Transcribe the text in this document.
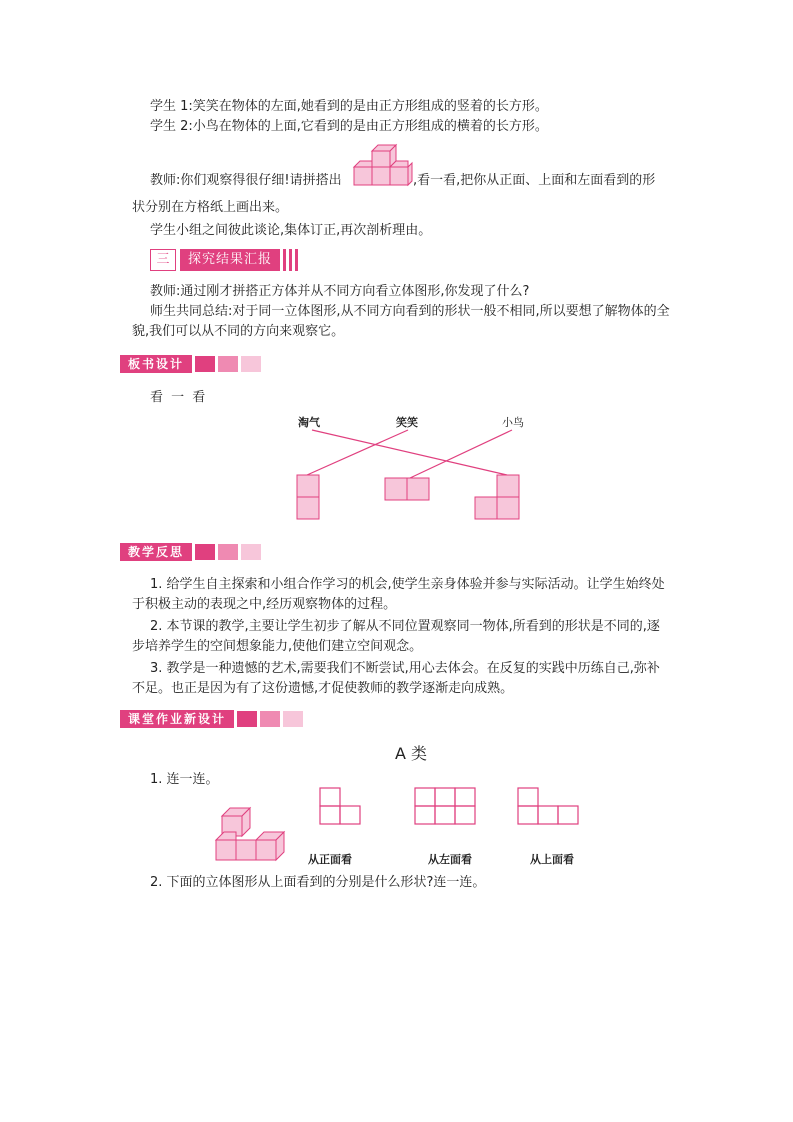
学生 1:笑笑在物体的左面,她看到的是由正方形组成的竖着的长方形。
学生 2:小鸟在物体的上面,它看到的是由正方形组成的横着的长方形。
教师:你们观察得很仔细!请拼搭出	,看一看,把你从正面、上面和左面看到的形
状分别在方格纸上画出来。
学生小组之间彼此谈论,集体订正,再次剖析理由。
三	探究结果汇报
教师:通过刚才拼搭正方体并从不同方向看立体图形,你发现了什么?
师生共同总结:对于同一立体图形,从不同方向看到的形状一般不相同,所以要想了解物体的全貌,我们可以从不同的方向来观察它。
板书设计
看 一 看
淘气	笑笑	小鸟
教学反思
1. 给学生自主探索和小组合作学习的机会,使学生亲身体验并参与实际活动。让学生始终处于积极主动的表现之中,经历观察物体的过程。
2. 本节课的教学,主要让学生初步了解从不同位置观察同一物体,所看到的形状是不同的,逐步培养学生的空间想象能力,使他们建立空间观念。
3. 教学是一种遗憾的艺术,需要我们不断尝试,用心去体会。在反复的实践中历练自己,弥补不足。也正是因为有了这份遗憾,才促使教师的教学逐渐走向成熟。
课堂作业新设计
A 类
1. 连一连。
从正面看	从左面看	从上面看
2. 下面的立体图形从上面看到的分别是什么形状?连一连。
